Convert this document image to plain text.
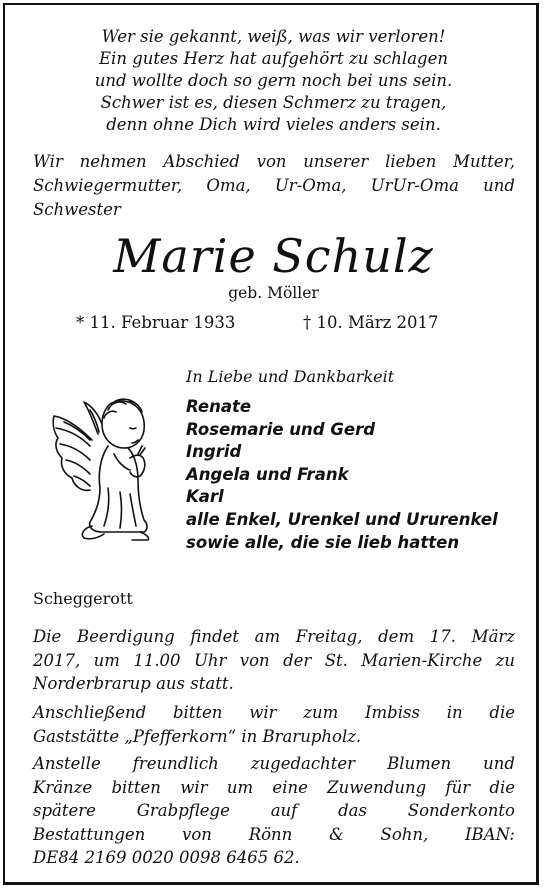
Wer sie gekannt, weiß, was wir verloren!
Ein gutes Herz hat aufgehört zu schlagen
und wollte doch so gern noch bei uns sein.
Schwer ist es, diesen Schmerz zu tragen,
denn ohne Dich wird vieles anders sein.
Wir nehmen Abschied von unserer lieben Mutter,
Schwiegermutter, Oma, Ur-Oma, UrUr-Oma und
Schwester
Marie Schulz
geb. Möller
* 11. Februar 1933	† 10. März 2017
In Liebe und Dankbarkeit
Renate
Rosemarie und Gerd
Ingrid
Angela und Frank
Karl
alle Enkel, Urenkel und Ururenkel
sowie alle, die sie lieb hatten
Scheggerott
Die Beerdigung findet am Freitag, dem 17. März
2017, um 11.00 Uhr von der St. Marien-Kirche zu
Norderbrarup aus statt.
Anschließend bitten wir zum Imbiss in die
Gaststätte „Pfefferkorn“ in Brarupholz.
Anstelle freundlich zugedachter Blumen und
Kränze bitten wir um eine Zuwendung für die
spätere Grabpflege auf das Sonderkonto
Bestattungen von Rönn & Sohn, IBAN:
DE84 2169 0020 0098 6465 62.
